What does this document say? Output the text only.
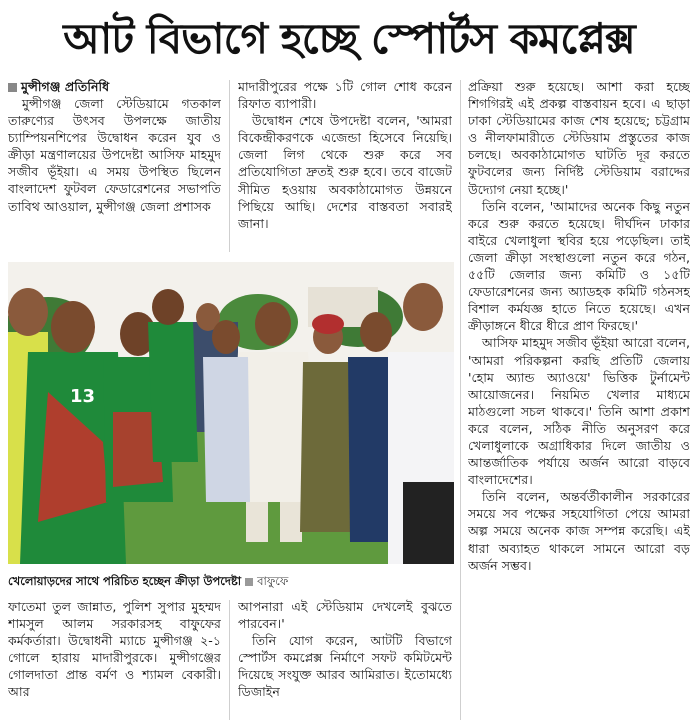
আট বিভাগে হচ্ছে স্পোর্টস কমপ্লেক্স
মুন্সীগঞ্জ প্রতিনিধি

মুন্সীগঞ্জ জেলা স্টেডিয়ামে গতকাল তারুণ্যের উৎসব উপলক্ষে জাতীয় চ্যাম্পিয়নশিপের উদ্বোধন করেন যুব ও ক্রীড়া মন্ত্রণালয়ের উপদেষ্টা আসিফ মাহমুদ সজীব ভূঁইয়া। এ সময় উপস্থিত ছিলেন বাংলাদেশ ফুটবল ফেডারেশনের সভাপতি তাবিথ আওয়াল, মুন্সীগঞ্জ জেলা প্রশাসক

মাদারীপুরের পক্ষে ১টি গোল শোধ করেন রিফাত ব্যাপারী।

উদ্বোধন শেষে উপদেষ্টা বলেন, 'আমরা বিকেন্দ্রীকরণকে এজেন্ডা হিসেবে নিয়েছি। জেলা লিগ থেকে শুরু করে সব প্রতিযোগিতা দ্রুতই শুরু হবে। তবে বাজেট সীমিত হওয়ায় অবকাঠামোগত উন্নয়নে পিছিয়ে আছি। দেশের বাস্তবতা সবারই জানা।

প্রক্রিয়া শুরু হয়েছে। আশা করা হচ্ছে শিগগিরই এই প্রকল্প বাস্তবায়ন হবে। এ ছাড়া ঢাকা স্টেডিয়ামের কাজ শেষ হয়েছে; চট্টগ্রাম ও নীলফামারীতে স্টেডিয়াম প্রস্তুতের কাজ চলছে। অবকাঠামোগত ঘাটতি দূর করতে ফুটবলের জন্য নির্দিষ্ট স্টেডিয়াম বরাদ্দের উদ্যোগ নেয়া হচ্ছে।'

তিনি বলেন, 'আমাদের অনেক কিছু নতুন করে শুরু করতে হয়েছে। দীর্ঘদিন ঢাকার বাইরে খেলাধুলা স্থবির হয়ে পড়েছিল। তাই জেলা ক্রীড়া সংস্থাগুলো নতুন করে গঠন, ৫৫টি জেলার জন্য কমিটি ও ১৫টি ফেডারেশনের জন্য অ্যাডহক কমিটি গঠনসহ বিশাল কর্মযজ্ঞ হাতে নিতে হয়েছে। এখন ক্রীড়াঙ্গনে ধীরে ধীরে প্রাণ ফিরছে।'

আসিফ মাহমুদ সজীব ভূঁইয়া আরো বলেন, 'আমরা পরিকল্পনা করছি প্রতিটি জেলায় 'হোম অ্যান্ড অ্যাওয়ে' ভিত্তিক টুর্নামেন্ট আয়োজনের। নিয়মিত খেলার মাধ্যমে মাঠগুলো সচল থাকবে।' তিনি আশা প্রকাশ করে বলেন, সঠিক নীতি অনুসরণ করে খেলাধুলাকে অগ্রাধিকার দিলে জাতীয় ও আন্তর্জাতিক পর্যায়ে অর্জন আরো বাড়বে বাংলাদেশের।

তিনি বলেন, অন্তর্বর্তীকালীন সরকারের সময়ে সব পক্ষের সহযোগিতা পেয়ে আমরা অল্প সময়ে অনেক কাজ সম্পন্ন করেছি। এই ধারা অব্যাহত থাকলে সামনে আরো বড় অর্জন সম্ভব।

13
খেলোয়াড়দের সাথে পরিচিত হচ্ছেন ক্রীড়া উপদেষ্টা বাফুফে

ফাতেমা তুল জান্নাত, পুলিশ সুপার মুহম্মদ শামসুল আলম সরকারসহ বাফুফের কর্মকর্তারা। উদ্বোধনী ম্যাচে মুন্সীগঞ্জ ২-১ গোলে হারায় মাদারীপুরকে। মুন্সীগঞ্জের গোলদাতা প্রান্ত বর্মণ ও শ্যামল বেকারী। আর

আপনারা এই স্টেডিয়াম দেখলেই বুঝতে পারবেন।'

তিনি যোগ করেন, আটটি বিভাগে স্পোর্টস কমপ্লেক্স নির্মাণে সফট কমিটমেন্ট দিয়েছে সংযুক্ত আরব আমিরাত। ইতোমধ্যে ডিজাইন
